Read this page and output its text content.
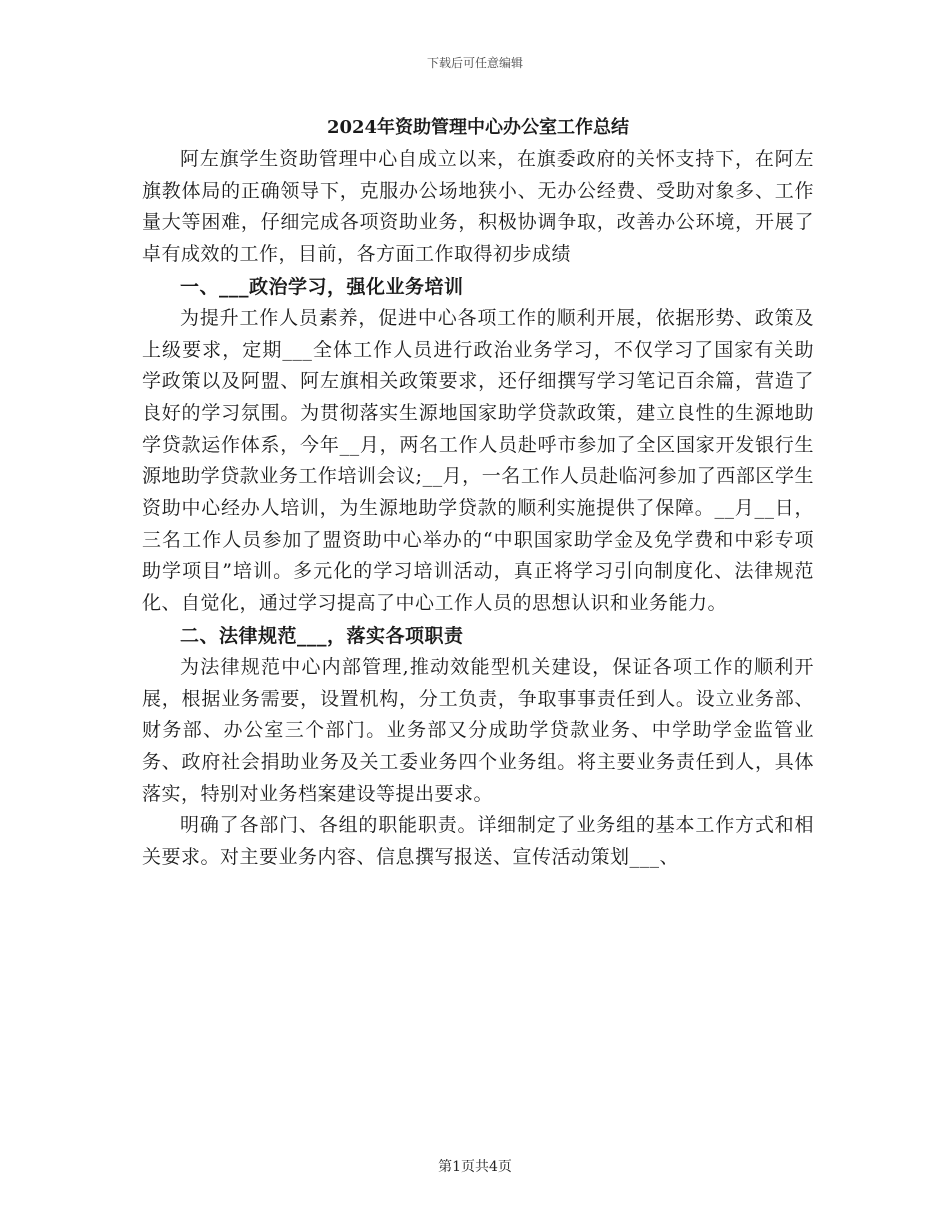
下载后可任意编辑
2024年资助管理中心办公室工作总结

阿左旗学生资助管理中心自成立以来，在旗委政府的关怀支持下，在阿左旗教体局的正确领导下，克服办公场地狭小、无办公经费、受助对象多、工作量大等困难，仔细完成各项资助业务，积极协调争取，改善办公环境，开展了卓有成效的工作，目前，各方面工作取得初步成绩

一、___政治学习，强化业务培训

为提升工作人员素养，促进中心各项工作的顺利开展，依据形势、政策及上级要求，定期___全体工作人员进行政治业务学习，不仅学习了国家有关助学政策以及阿盟、阿左旗相关政策要求，还仔细撰写学习笔记百余篇，营造了良好的学习氛围。为贯彻落实生源地国家助学贷款政策，建立良性的生源地助学贷款运作体系，今年__月，两名工作人员赴呼市参加了全区国家开发银行生源地助学贷款业务工作培训会议;__月，一名工作人员赴临河参加了西部区学生资助中心经办人培训，为生源地助学贷款的顺利实施提供了保障。__月__日，三名工作人员参加了盟资助中心举办的“中职国家助学金及免学费和中彩专项助学项目”培训。多元化的学习培训活动，真正将学习引向制度化、法律规范化、自觉化，通过学习提高了中心工作人员的思想认识和业务能力。

二、法律规范___，落实各项职责

为法律规范中心内部管理,推动效能型机关建设，保证各项工作的顺利开展，根据业务需要，设置机构，分工负责，争取事事责任到人。设立业务部、财务部、办公室三个部门。业务部又分成助学贷款业务、中学助学金监管业务、政府社会捐助业务及关工委业务四个业务组。将主要业务责任到人，具体落实，特别对业务档案建设等提出要求。

明确了各部门、各组的职能职责。详细制定了业务组的基本工作方式和相关要求。对主要业务内容、信息撰写报送、宣传活动策划___、

第1页共4页
